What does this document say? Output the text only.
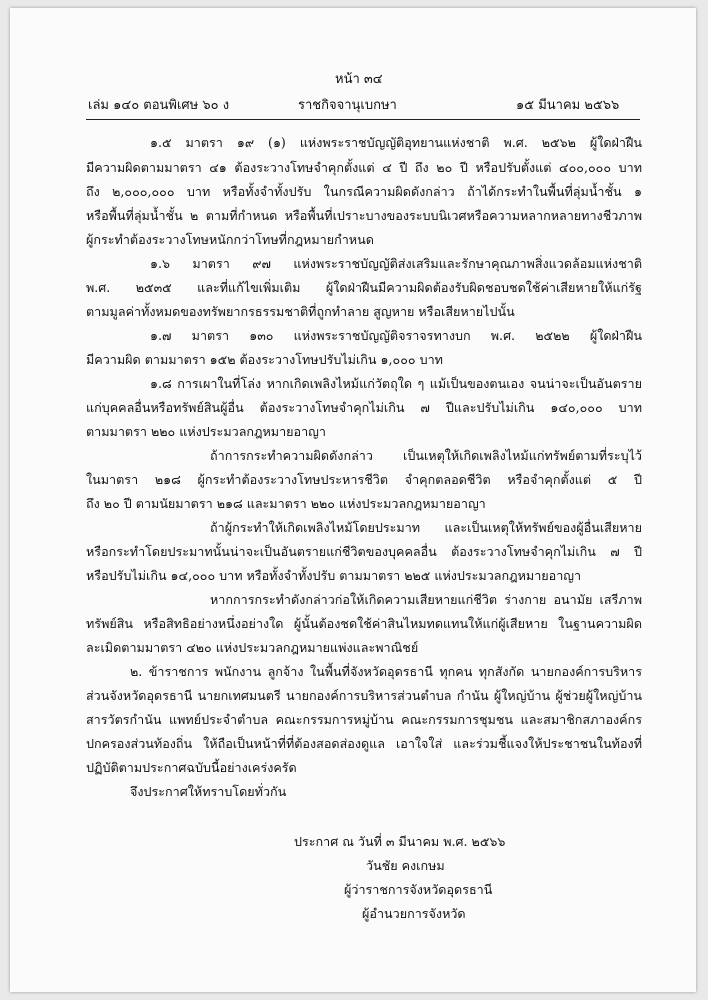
หน้า ๓๔
เล่ม ๑๔๐ ตอนพิเศษ ๖๐ ง	ราชกิจจานุเบกษา	๑๕ มีนาคม ๒๕๖๖
๑.๕ มาตรา ๑๙ (๑) แห่งพระราชบัญญัติอุทยานแห่งชาติ พ.ศ. ๒๕๖๒ ผู้ใดฝ่าฝืน
มีความผิดตามมาตรา ๔๑ ต้องระวางโทษจำคุกตั้งแต่ ๔ ปี ถึง ๒๐ ปี หรือปรับตั้งแต่ ๔๐๐,๐๐๐ บาท
ถึง ๒,๐๐๐,๐๐๐ บาท หรือทั้งจำทั้งปรับ ในกรณีความผิดดังกล่าว ถ้าได้กระทำในพื้นที่ลุ่มน้ำชั้น ๑
หรือพื้นที่ลุ่มน้ำชั้น ๒ ตามที่กำหนด หรือพื้นที่เปราะบางของระบบนิเวศหรือความหลากหลายทางชีวภาพ
ผู้กระทำต้องระวางโทษหนักกว่าโทษที่กฎหมายกำหนด
๑.๖ มาตรา ๙๗ แห่งพระราชบัญญัติส่งเสริมและรักษาคุณภาพสิ่งแวดล้อมแห่งชาติ
พ.ศ. ๒๕๓๕ และที่แก้ไขเพิ่มเติม ผู้ใดฝ่าฝืนมีความผิดต้องรับผิดชอบชดใช้ค่าเสียหายให้แก่รัฐ
ตามมูลค่าทั้งหมดของทรัพยากรธรรมชาติที่ถูกทำลาย สูญหาย หรือเสียหายไปนั้น
๑.๗ มาตรา ๑๓๐ แห่งพระราชบัญญัติจราจรทางบก พ.ศ. ๒๕๒๒ ผู้ใดฝ่าฝืน
มีความผิด ตามมาตรา ๑๕๒ ต้องระวางโทษปรับไม่เกิน ๑,๐๐๐ บาท
๑.๘ การเผาในที่โล่ง หากเกิดเพลิงไหม้แก่วัตถุใด ๆ แม้เป็นของตนเอง จนน่าจะเป็นอันตราย
แก่บุคคลอื่นหรือทรัพย์สินผู้อื่น ต้องระวางโทษจำคุกไม่เกิน ๗ ปีและปรับไม่เกิน ๑๔๐,๐๐๐ บาท
ตามมาตรา ๒๒๐ แห่งประมวลกฎหมายอาญา
ถ้าการกระทำความผิดดังกล่าว เป็นเหตุให้เกิดเพลิงไหม้แก่ทรัพย์ตามที่ระบุไว้
ในมาตรา ๒๑๘ ผู้กระทำต้องระวางโทษประหารชีวิต จำคุกตลอดชีวิต หรือจำคุกตั้งแต่ ๕ ปี
ถึง ๒๐ ปี ตามนัยมาตรา ๒๑๘ และมาตรา ๒๒๐ แห่งประมวลกฎหมายอาญา
ถ้าผู้กระทำให้เกิดเพลิงไหม้โดยประมาท และเป็นเหตุให้ทรัพย์ของผู้อื่นเสียหาย
หรือกระทำโดยประมาทนั้นน่าจะเป็นอันตรายแก่ชีวิตของบุคคลอื่น ต้องระวางโทษจำคุกไม่เกิน ๗ ปี
หรือปรับไม่เกิน ๑๔,๐๐๐ บาท หรือทั้งจำทั้งปรับ ตามมาตรา ๒๒๕ แห่งประมวลกฎหมายอาญา
หากการกระทำดังกล่าวก่อให้เกิดความเสียหายแก่ชีวิต ร่างกาย อนามัย เสรีภาพ
ทรัพย์สิน หรือสิทธิอย่างหนึ่งอย่างใด ผู้นั้นต้องชดใช้ค่าสินไหมทดแทนให้แก่ผู้เสียหาย ในฐานความผิด
ละเมิดตามมาตรา ๔๒๐ แห่งประมวลกฎหมายแพ่งและพาณิชย์
๒. ข้าราชการ พนักงาน ลูกจ้าง ในพื้นที่จังหวัดอุดรธานี ทุกคน ทุกสังกัด นายกองค์การบริหาร
ส่วนจังหวัดอุดรธานี นายกเทศมนตรี นายกองค์การบริหารส่วนตำบล กำนัน ผู้ใหญ่บ้าน ผู้ช่วยผู้ใหญ่บ้าน
สารวัตรกำนัน แพทย์ประจำตำบล คณะกรรมการหมู่บ้าน คณะกรรมการชุมชน และสมาชิกสภาองค์กร
ปกครองส่วนท้องถิ่น ให้ถือเป็นหน้าที่ที่ต้องสอดส่องดูแล เอาใจใส่ และร่วมชี้แจงให้ประชาชนในท้องที่
ปฏิบัติตามประกาศฉบับนี้อย่างเคร่งครัด
จึงประกาศให้ทราบโดยทั่วกัน
ประกาศ ณ วันที่ ๓ มีนาคม พ.ศ. ๒๕๖๖
วันชัย คงเกษม
ผู้ว่าราชการจังหวัดอุดรธานี
ผู้อำนวยการจังหวัด
